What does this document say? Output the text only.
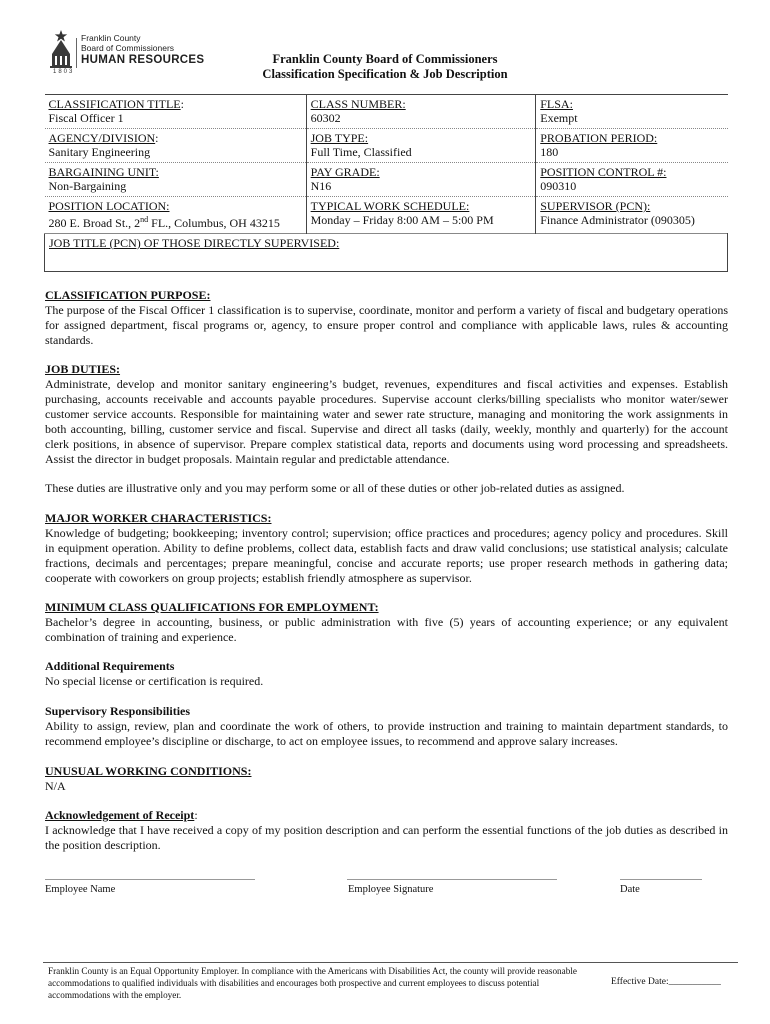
Franklin County
Board of Commissioners
HUMAN RESOURCES
1803
Franklin County Board of Commissioners
Classification Specification & Job Description
CLASSIFICATION TITLE:
Fiscal Officer 1	CLASS NUMBER:
60302	FLSA:
Exempt
AGENCY/DIVISION:
Sanitary Engineering	JOB TYPE:
Full Time, Classified	PROBATION PERIOD:
180
BARGAINING UNIT:
Non-Bargaining	PAY GRADE:
N16	POSITION CONTROL #:
090310
POSITION LOCATION:
280 E. Broad St., 2nd FL., Columbus, OH 43215	TYPICAL WORK SCHEDULE:
Monday – Friday 8:00 AM – 5:00 PM	SUPERVISOR (PCN):
Finance Administrator (090305)
JOB TITLE (PCN) OF THOSE DIRECTLY SUPERVISED:		
CLASSIFICATION PURPOSE:
The purpose of the Fiscal Officer 1 classification is to supervise, coordinate, monitor and perform a variety of fiscal and budgetary operations for assigned department, fiscal programs or, agency, to ensure proper control and compliance with applicable laws, rules & accounting standards.
JOB DUTIES:
Administrate, develop and monitor sanitary engineering’s budget, revenues, expenditures and fiscal activities and expenses. Establish purchasing, accounts receivable and accounts payable procedures. Supervise account clerks/billing specialists who monitor water/sewer customer service accounts. Responsible for maintaining water and sewer rate structure, managing and monitoring the work assignments in both accounting, billing, customer service and fiscal. Supervise and direct all tasks (daily, weekly, monthly and quarterly) for the account clerk positions, in absence of supervisor. Prepare complex statistical data, reports and documents using word processing and spreadsheets. Assist the director in budget proposals. Maintain regular and predictable attendance.
These duties are illustrative only and you may perform some or all of these duties or other job-related duties as assigned.
MAJOR WORKER CHARACTERISTICS:
Knowledge of budgeting; bookkeeping; inventory control; supervision; office practices and procedures; agency policy and procedures. Skill in equipment operation. Ability to define problems, collect data, establish facts and draw valid conclusions; use statistical analysis; calculate fractions, decimals and percentages; prepare meaningful, concise and accurate reports; use proper research methods in gathering data; cooperate with coworkers on group projects; establish friendly atmosphere as supervisor.
MINIMUM CLASS QUALIFICATIONS FOR EMPLOYMENT:
Bachelor’s degree in accounting, business, or public administration with five (5) years of accounting experience; or any equivalent combination of training and experience.
Additional Requirements
No special license or certification is required.
Supervisory Responsibilities
Ability to assign, review, plan and coordinate the work of others, to provide instruction and training to maintain department standards, to recommend employee’s discipline or discharge, to act on employee issues, to recommend and approve salary increases.
UNUSUAL WORKING CONDITIONS:
N/A
Acknowledgement of Receipt:
I acknowledge that I have received a copy of my position description and can perform the essential functions of the job duties as described in the position description.
Employee Name	Employee Signature	Date
Franklin County is an Equal Opportunity Employer. In compliance with the Americans with Disabilities Act, the county will provide reasonable accommodations to qualified individuals with disabilities and encourages both prospective and current employees to discuss potential accommodations with the employer.
Effective Date:___________
